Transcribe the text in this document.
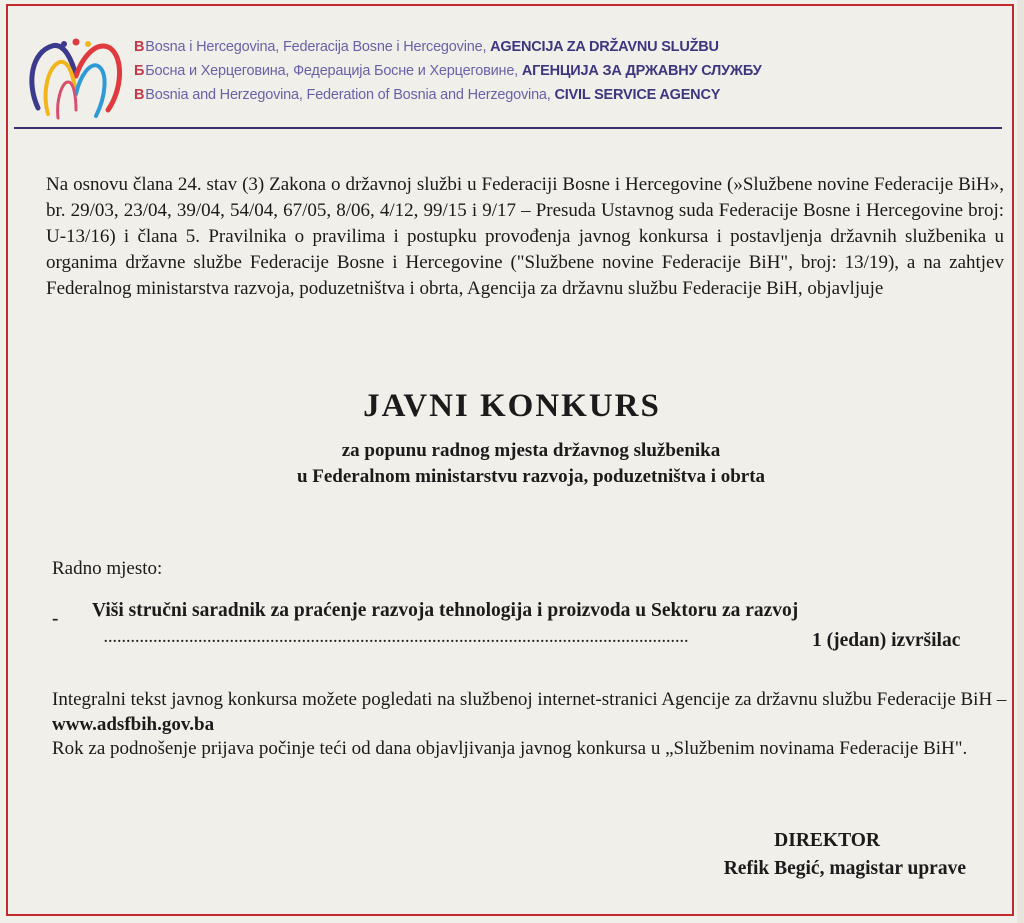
BBosna i Hercegovina, Federacija Bosne i Hercegovine, AGENCIJA ZA DRŽAVNU SLUŽBU
ББосна и Херцеговина, Федерација Босне и Херцеговине, АГЕНЦИЈА ЗА ДРЖАВНУ СЛУЖБУ
BBosnia and Herzegovina, Federation of Bosnia and Herzegovina, CIVIL SERVICE AGENCY

Na osnovu člana 24. stav (3) Zakona o državnoj službi u Federaciji Bosne i Hercegovine (»Službene novine Federacije BiH», br. 29/03, 23/04, 39/04, 54/04, 67/05, 8/06, 4/12, 99/15 i 9/17 – Presuda Ustavnog suda Federacije Bosne i Hercegovine broj: U-13/16) i člana 5. Pravilnika o pravilima i postupku provođenja javnog konkursa i postavljenja državnih službenika u organima državne službe Federacije Bosne i Hercegovine ("Službene novine Federacije BiH", broj: 13/19), a na zahtjev Federalnog ministarstva razvoja, poduzetništva i obrta, Agencija za državnu službu Federacije BiH, objavljuje

JAVNI KONKURS

za popunu radnog mjesta državnog službenika
u Federalnom ministarstvu razvoja, poduzetništva i obrta

Radno mjesto:

- Viši stručni saradnik za praćenje razvoja tehnologija i proizvoda u Sektoru za razvoj

..................................................................................................................................	1 (jedan) izvršilac

Integralni tekst javnog konkursa možete pogledati na službenoj internet-stranici Agencije za državnu službu Federacije BiH – www.adsfbih.gov.ba
Rok za podnošenje prijava počinje teći od dana objavljivanja javnog konkursa u „Službenim novinama Federacije BiH".

DIREKTOR

Refik Begić, magistar uprave
